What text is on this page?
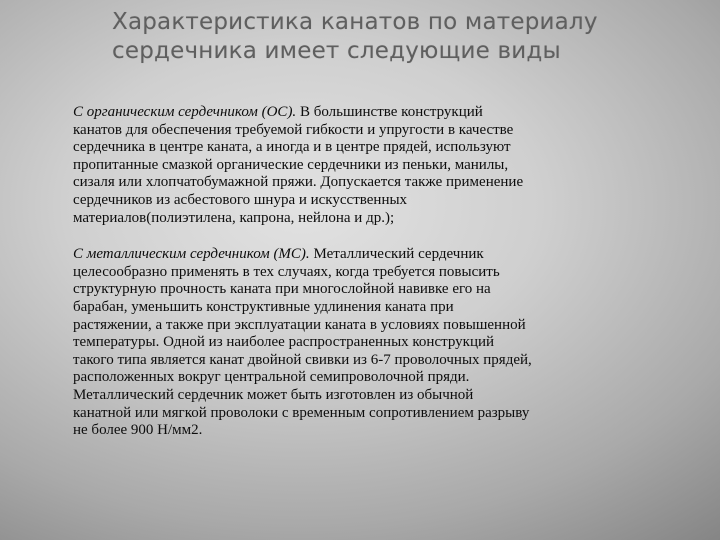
Характеристика канатов по материалу
сердечника имеет следующие виды

С органическим сердечником (ОС). В большинстве конструкций
канатов для обеспечения требуемой гибкости и упругости в качестве
сердечника в центре каната, а иногда и в центре прядей, используют
пропитанные смазкой органические сердечники из пеньки, манилы,
сизаля или хлопчатобумажной пряжи. Допускается также применение
сердечников из асбестового шнура и искусственных
материалов(полиэтилена, капрона, нейлона и др.);

С металлическим сердечником (МС). Металлический сердечник
целесообразно применять в тех случаях, когда требуется повысить
структурную прочность каната при многослойной навивке его на
барабан, уменьшить конструктивные удлинения каната при
растяжении, а также при эксплуатации каната в условиях повышенной
температуры. Одной из наиболее распространенных конструкций
такого типа является канат двойной свивки из 6-7 проволочных прядей,
расположенных вокруг центральной семипроволочной пряди.
Металлический сердечник может быть изготовлен из обычной
канатной или мягкой проволоки с временным сопротивлением разрыву
не более 900 Н/мм2.
